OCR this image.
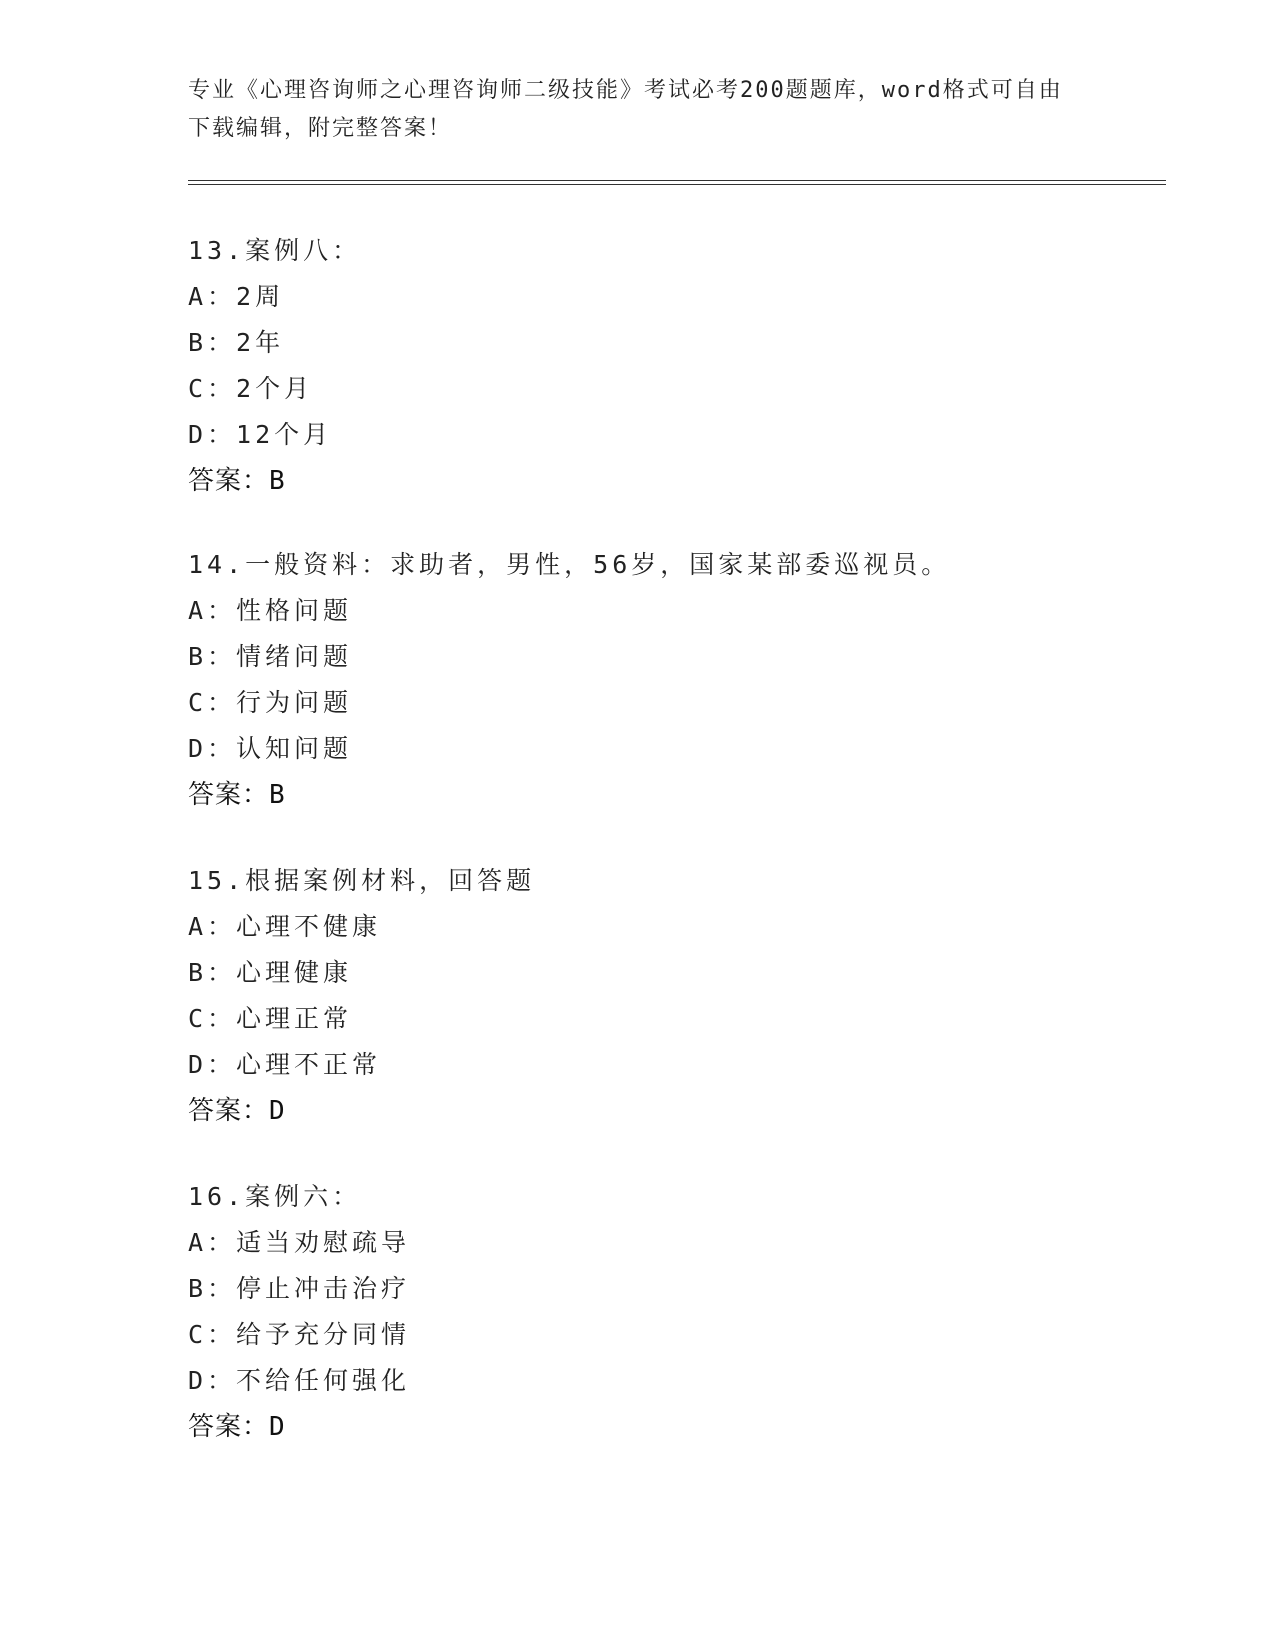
专业《心理咨询师之心理咨询师二级技能》考试必考200题题库，word格式可自由下载编辑，附完整答案！
13.案例八：
A：2周
B：2年
C：2个月
D：12个月
答案：B
14.一般资料：求助者，男性，56岁，国家某部委巡视员。
A：性格问题
B：情绪问题
C：行为问题
D：认知问题
答案：B
15.根据案例材料，回答题
A：心理不健康
B：心理健康
C：心理正常
D：心理不正常
答案：D
16.案例六：
A：适当劝慰疏导
B：停止冲击治疗
C：给予充分同情
D：不给任何强化
答案：D
